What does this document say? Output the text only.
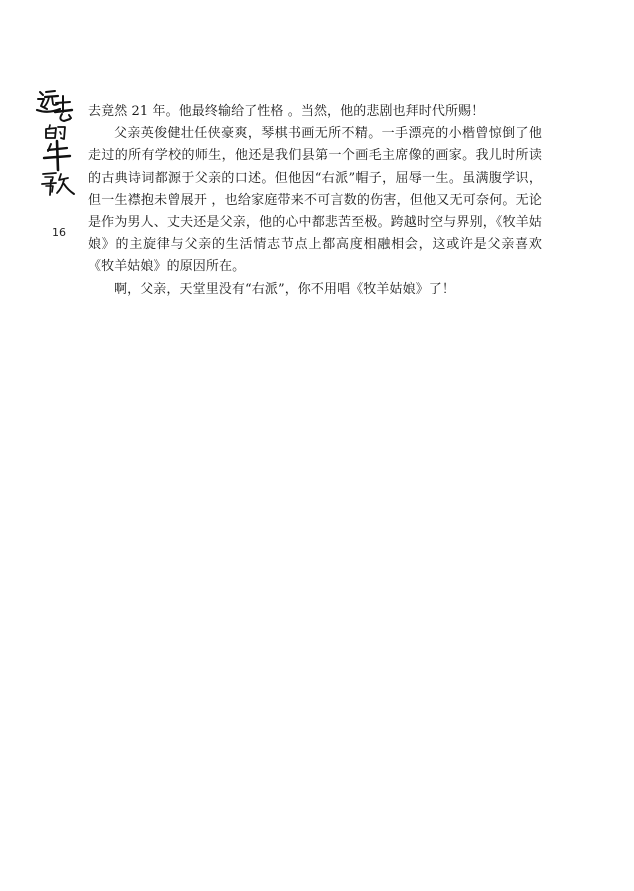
16

去竟然 21 年。他最终输给了性格 。当然，他的悲剧也拜时代所赐！

父亲英俊健壮任侠豪爽，琴棋书画无所不精。一手漂亮的小楷曾惊倒了他走过的所有学校的师生，他还是我们县第一个画毛主席像的画家。我儿时所读的古典诗词都源于父亲的口述。但他因“右派”帽子，屈辱一生。虽满腹学识，但一生襟抱未曾展开 ，也给家庭带来不可言数的伤害，但他又无可奈何。无论是作为男人、丈夫还是父亲，他的心中都悲苦至极。跨越时空与界别，《牧羊姑娘》的主旋律与父亲的生活情志节点上都高度相融相会，这或许是父亲喜欢《牧羊姑娘》的原因所在。

啊，父亲，天堂里没有“右派”，你不用唱《牧羊姑娘》了！
